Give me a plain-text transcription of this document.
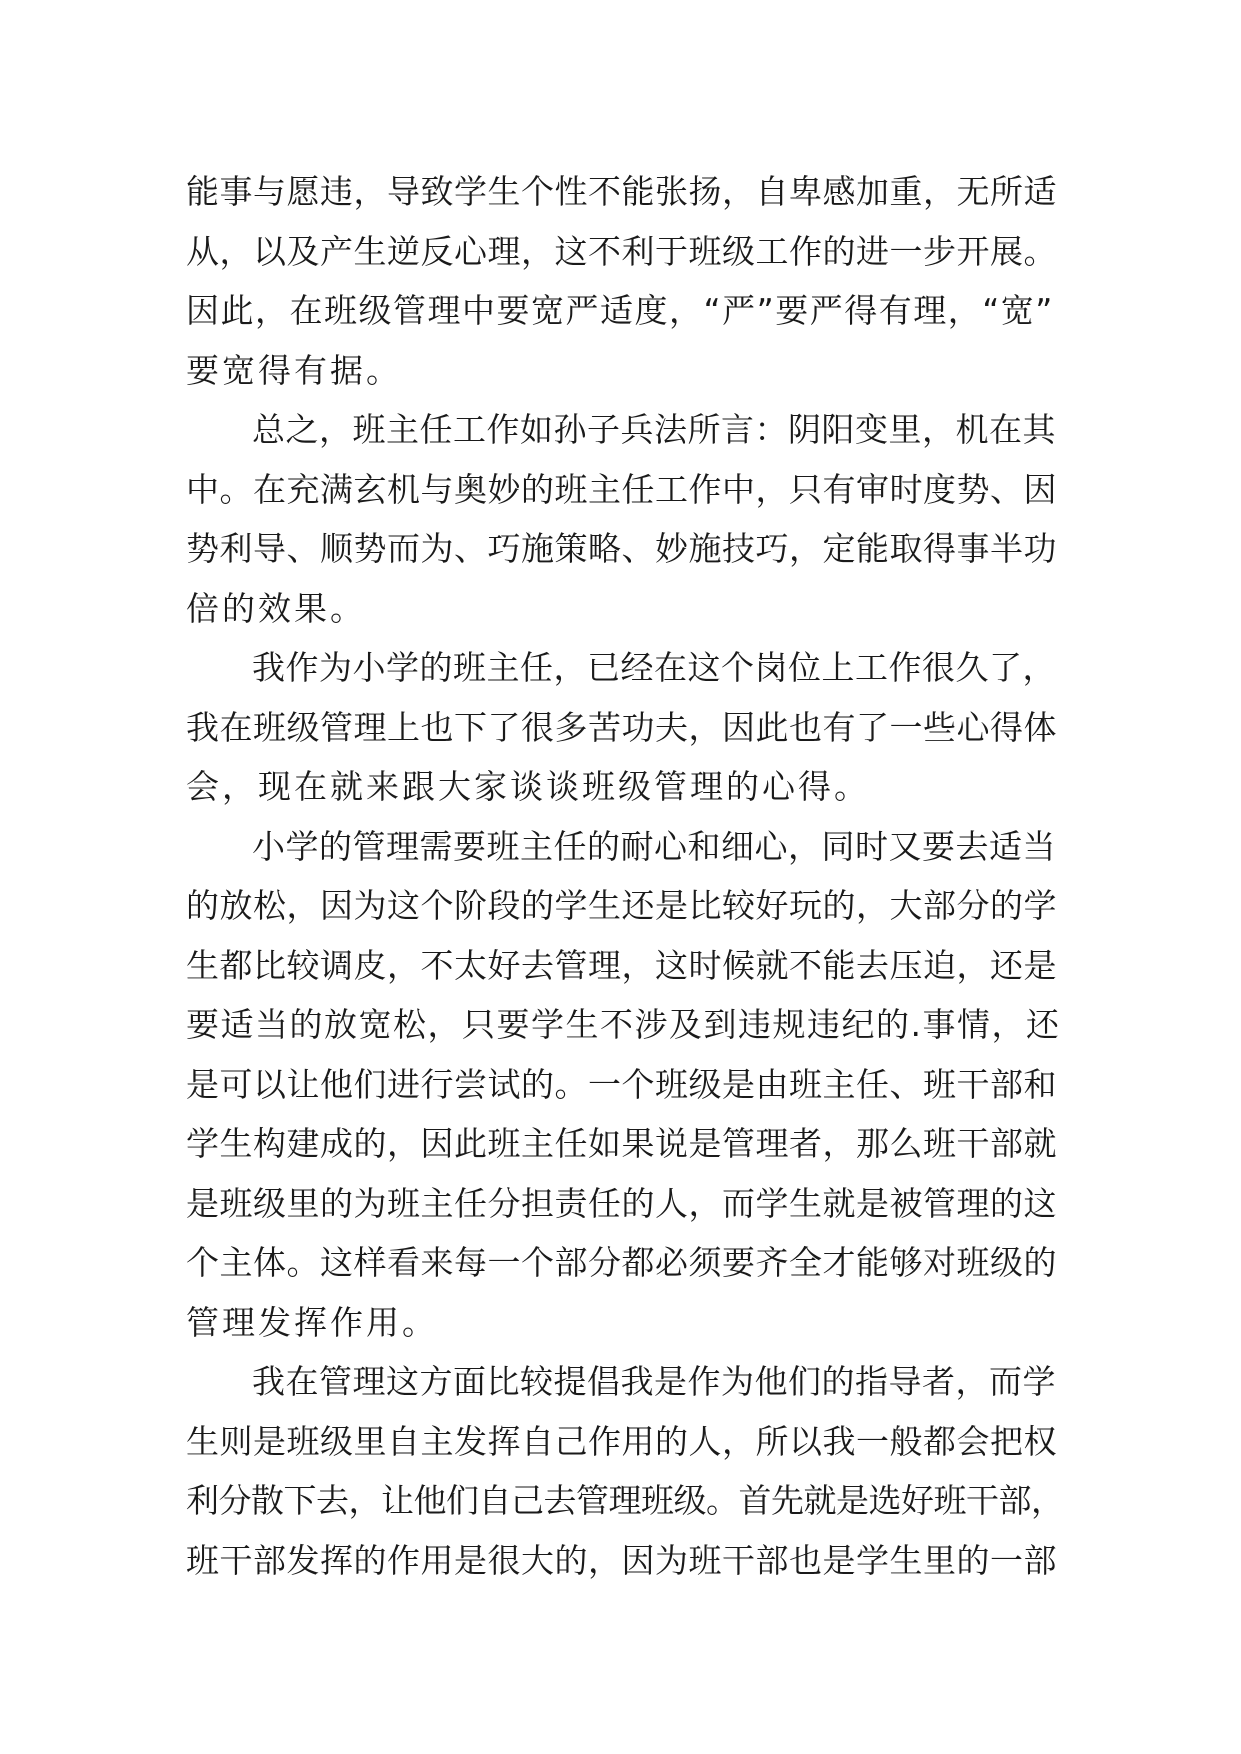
能事与愿违，导致学生个性不能张扬，自卑感加重，无所适
从，以及产生逆反心理，这不利于班级工作的进一步开展。
因此，在班级管理中要宽严适度，“严”要严得有理，“宽”
要宽得有据。
总之，班主任工作如孙子兵法所言：阴阳变里，机在其
中。在充满玄机与奥妙的班主任工作中，只有审时度势、因
势利导、顺势而为、巧施策略、妙施技巧，定能取得事半功
倍的效果。
我作为小学的班主任，已经在这个岗位上工作很久了，
我在班级管理上也下了很多苦功夫，因此也有了一些心得体
会，现在就来跟大家谈谈班级管理的心得。
小学的管理需要班主任的耐心和细心，同时又要去适当
的放松，因为这个阶段的学生还是比较好玩的，大部分的学
生都比较调皮，不太好去管理，这时候就不能去压迫，还是
要适当的放宽松，只要学生不涉及到违规违纪的.事情，还
是可以让他们进行尝试的。一个班级是由班主任、班干部和
学生构建成的，因此班主任如果说是管理者，那么班干部就
是班级里的为班主任分担责任的人，而学生就是被管理的这
个主体。这样看来每一个部分都必须要齐全才能够对班级的
管理发挥作用。
我在管理这方面比较提倡我是作为他们的指导者，而学
生则是班级里自主发挥自己作用的人，所以我一般都会把权
利分散下去，让他们自己去管理班级。首先就是选好班干部，
班干部发挥的作用是很大的，因为班干部也是学生里的一部
